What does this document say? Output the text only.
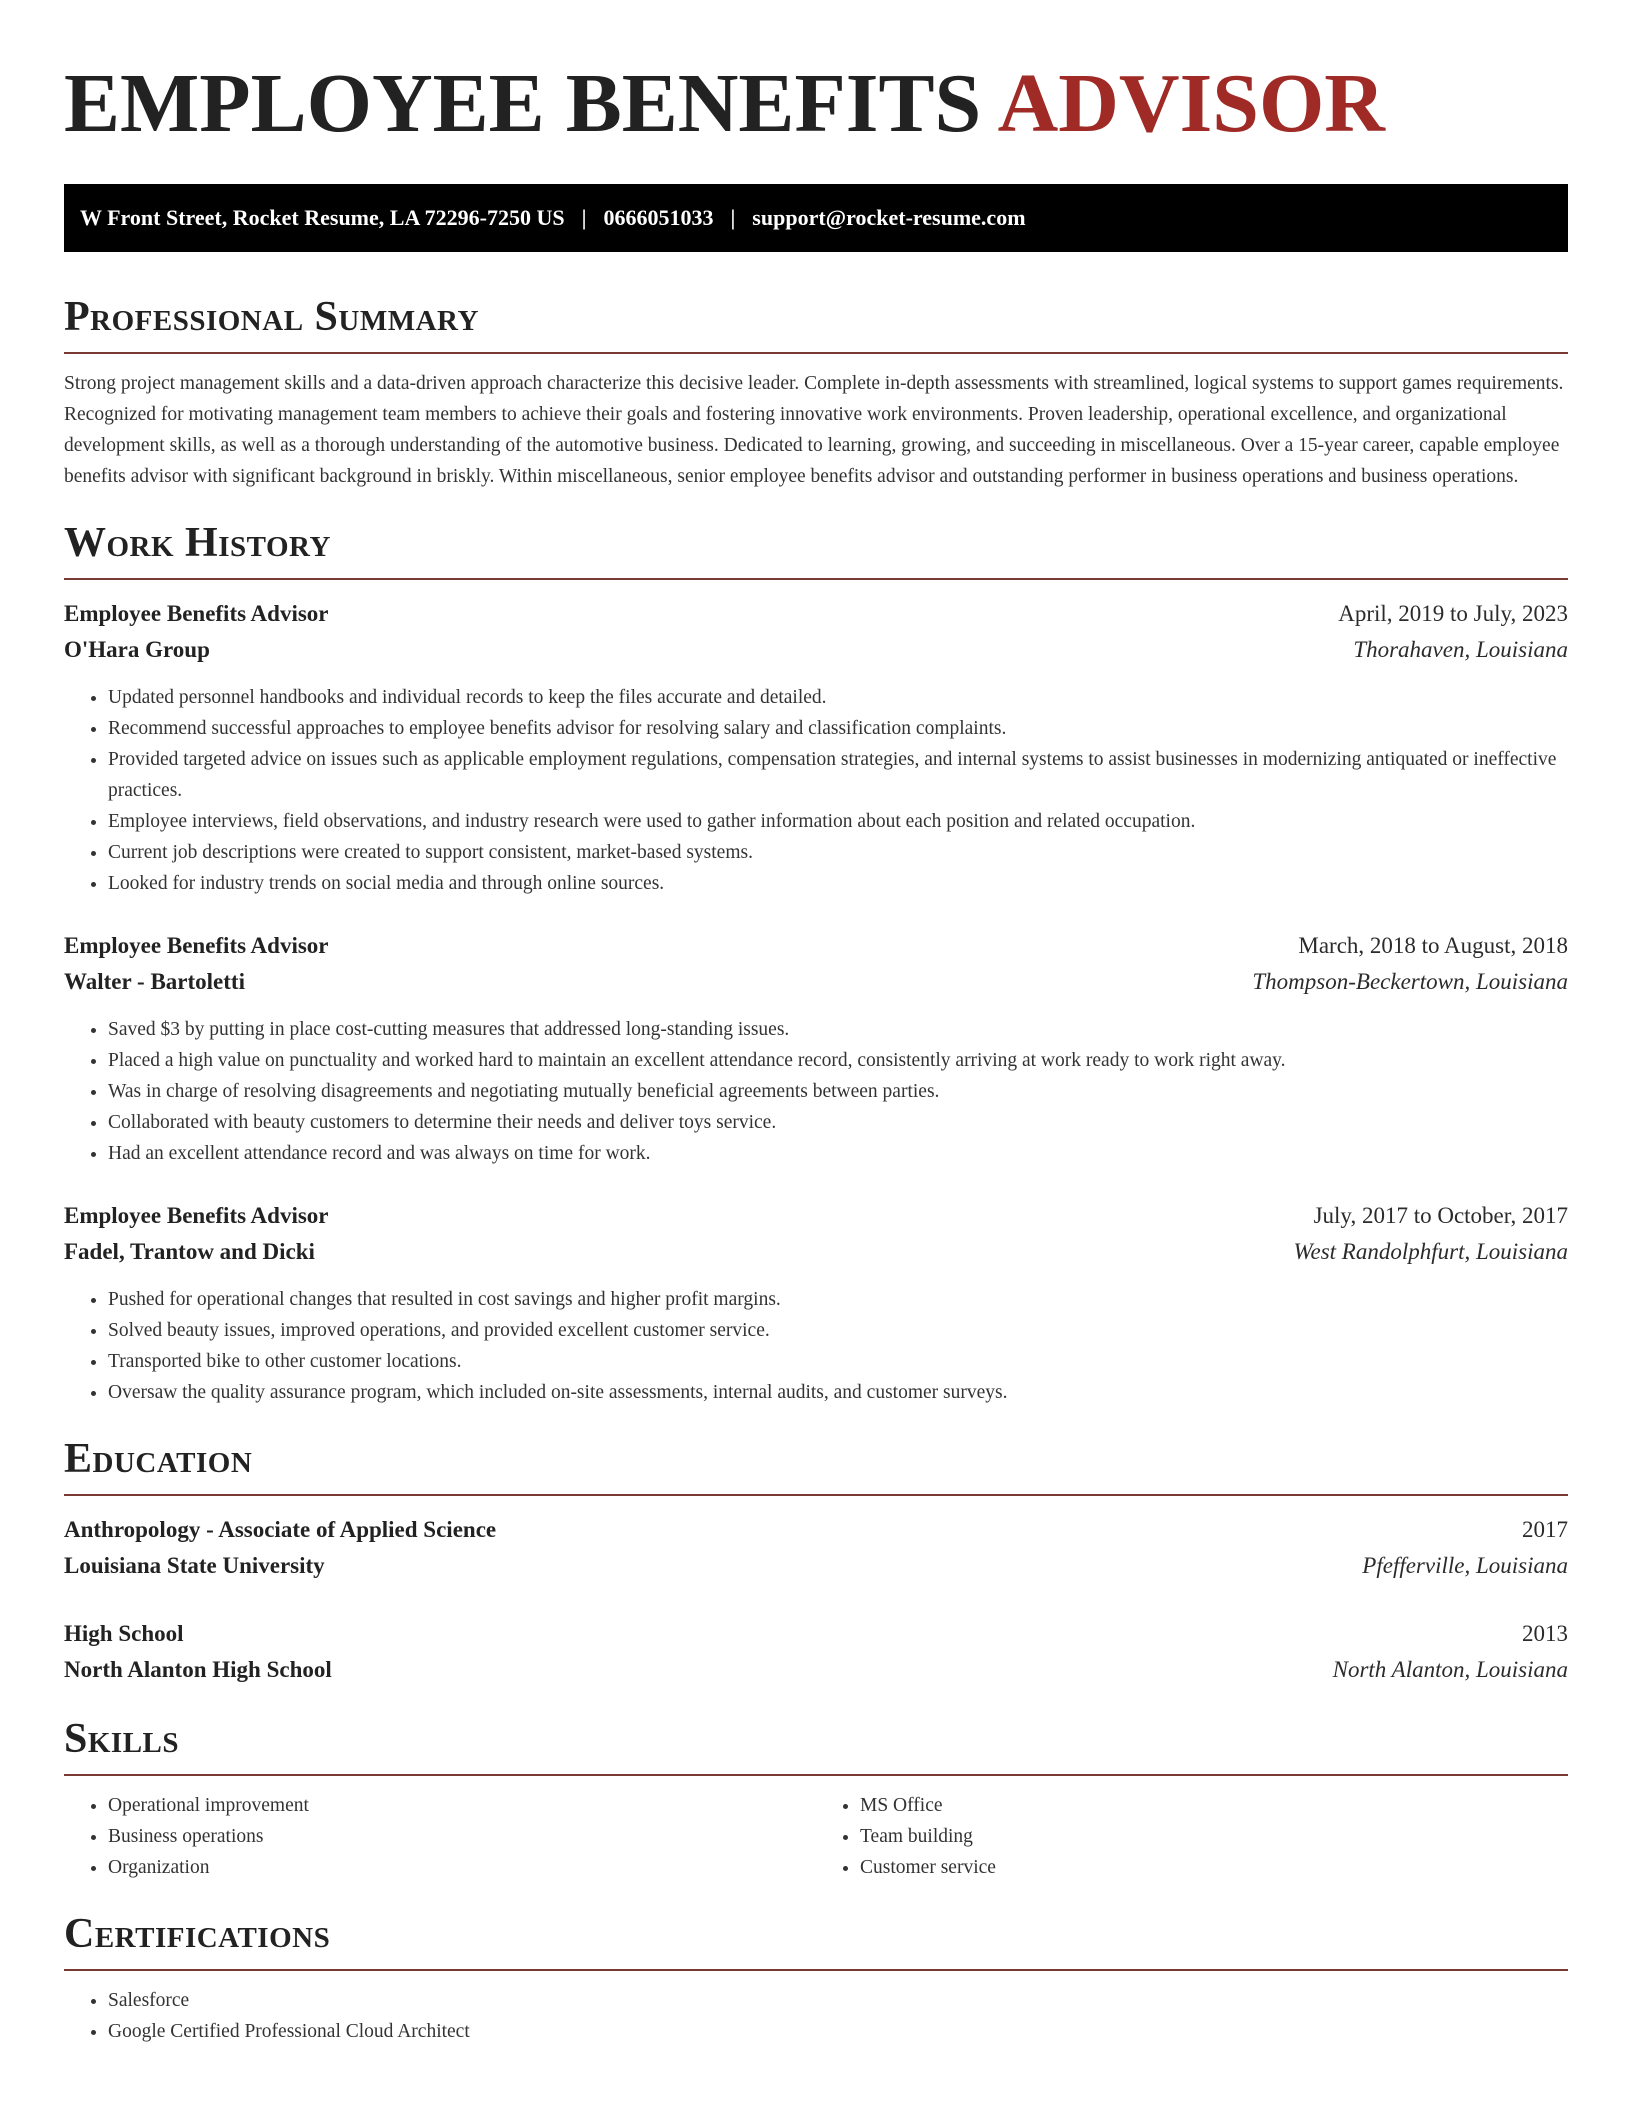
EMPLOYEE BENEFITS ADVISOR
W Front Street, Rocket Resume, LA 72296-7250 US | 0666051033 | support@rocket-resume.com
Professional Summary

Strong project management skills and a data-driven approach characterize this decisive leader. Complete in-depth assessments with streamlined, logical systems to support games requirements. Recognized for motivating management team members to achieve their goals and fostering innovative work environments. Proven leadership, operational excellence, and organizational development skills, as well as a thorough understanding of the automotive business. Dedicated to learning, growing, and succeeding in miscellaneous. Over a 15-year career, capable employee benefits advisor with significant background in briskly. Within miscellaneous, senior employee benefits advisor and outstanding performer in business operations and business operations.

Work History
Employee Benefits Advisor	April, 2019 to July, 2023
O'Hara Group	Thorahaven, Louisiana
• Updated personnel handbooks and individual records to keep the files accurate and detailed.
• Recommend successful approaches to employee benefits advisor for resolving salary and classification complaints.
• Provided targeted advice on issues such as applicable employment regulations, compensation strategies, and internal systems to assist businesses in modernizing antiquated or ineffective practices.
• Employee interviews, field observations, and industry research were used to gather information about each position and related occupation.
• Current job descriptions were created to support consistent, market-based systems.
• Looked for industry trends on social media and through online sources.
Employee Benefits Advisor	March, 2018 to August, 2018
Walter - Bartoletti	Thompson-Beckertown, Louisiana
• Saved $3 by putting in place cost-cutting measures that addressed long-standing issues.
• Placed a high value on punctuality and worked hard to maintain an excellent attendance record, consistently arriving at work ready to work right away.
• Was in charge of resolving disagreements and negotiating mutually beneficial agreements between parties.
• Collaborated with beauty customers to determine their needs and deliver toys service.
• Had an excellent attendance record and was always on time for work.
Employee Benefits Advisor	July, 2017 to October, 2017
Fadel, Trantow and Dicki	West Randolphfurt, Louisiana
• Pushed for operational changes that resulted in cost savings and higher profit margins.
• Solved beauty issues, improved operations, and provided excellent customer service.
• Transported bike to other customer locations.
• Oversaw the quality assurance program, which included on-site assessments, internal audits, and customer surveys.
Education
Anthropology - Associate of Applied Science	2017
Louisiana State University	Pfefferville, Louisiana
High School	2013
North Alanton High School	North Alanton, Louisiana
Skills
• Operational improvement
• Business operations
• Organization
• MS Office
• Team building
• Customer service
Certifications
• Salesforce
• Google Certified Professional Cloud Architect
